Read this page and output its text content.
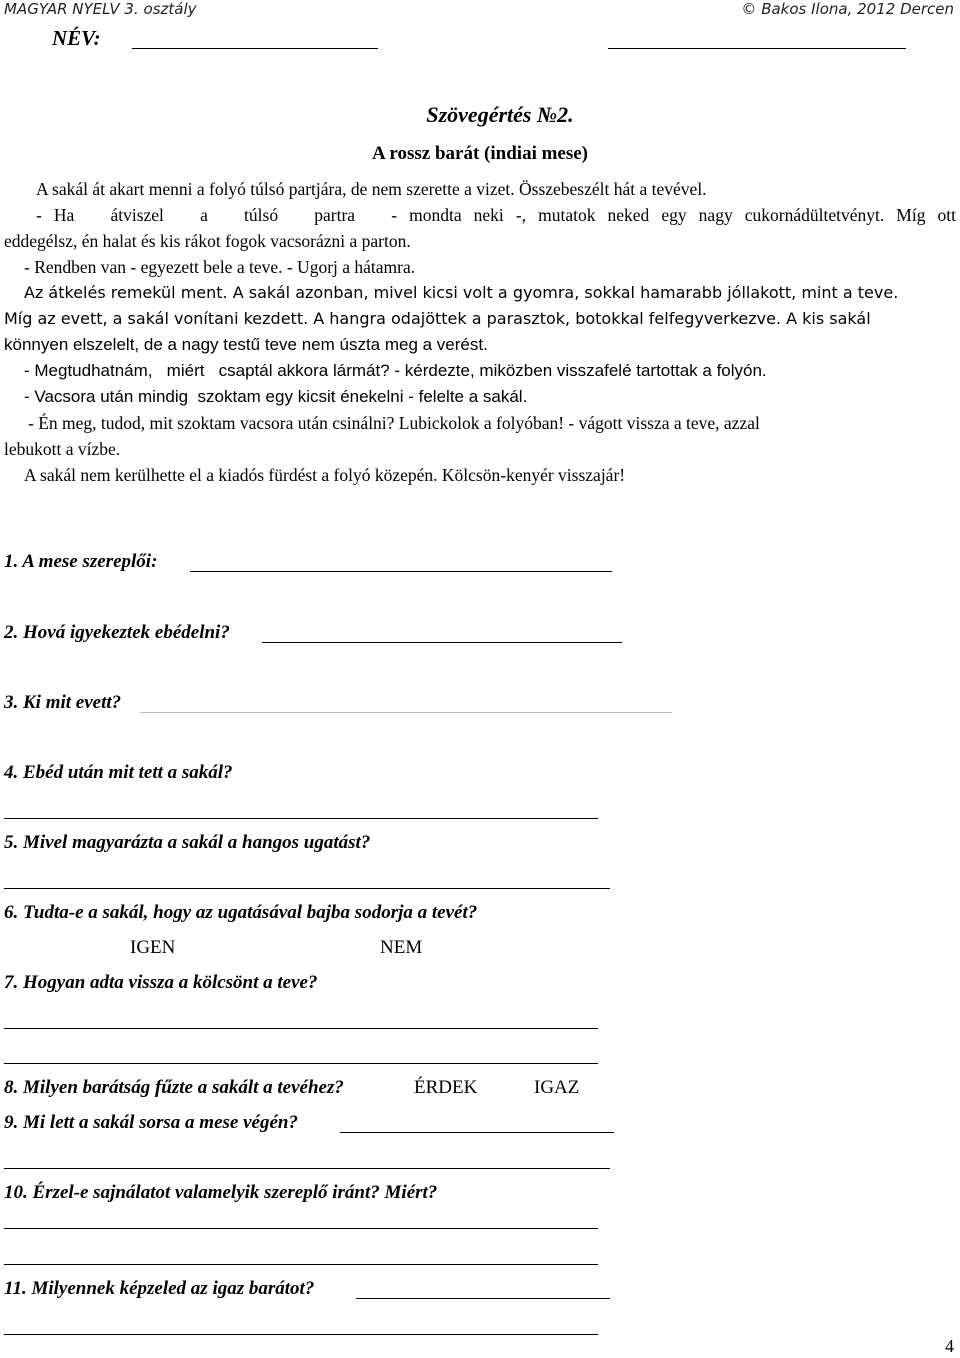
MAGYAR NYELV 3. osztály	© Bakos Ilona, 2012 Dercen
NÉV:
Szövegértés №2.
A rossz barát (indiai mese)

A sakál át akart menni a folyó túlsó partjára, de nem szerette a vizet. Összebeszélt hát a tevével.

- Ha   átviszel   a   túlsó   partra   - mondta neki -, mutatok neked egy nagy cukornádültetvényt. Míg ott

eddegélsz, én halat és kis rákot fogok vacsorázni a parton.

- Rendben van - egyezett bele a teve. - Ugorj a hátamra.

Az átkelés remekül ment. A sakál azonban, mivel kicsi volt a gyomra, sokkal hamarabb jóllakott, mint a teve.

Míg az evett, a sakál vonítani kezdett. A hangra odajöttek a parasztok, botokkal felfegyverkezve. A kis sakál

könnyen elszelelt, de a nagy testű teve nem úszta meg a verést.

- Megtudhatnám,   miért   csaptál akkora lármát? - kérdezte, miközben visszafelé tartottak a folyón.

- Vacsora után mindig  szoktam egy kicsit énekelni - felelte a sakál.

- Én meg, tudod, mit szoktam vacsora után csinálni? Lubickolok a folyóban! - vágott vissza a teve, azzal

lebukott a vízbe.

A sakál nem kerülhette el a kiadós fürdést a folyó közepén. Kölcsön-kenyér visszajár!

1. A mese szereplői:
2. Hová igyekeztek ebédelni?
3. Ki mit evett?
4. Ebéd után mit tett a sakál?
5. Mivel magyarázta a sakál a hangos ugatást?
6. Tudta-e a sakál, hogy az ugatásával bajba sodorja a tevét?
IGEN	NEM
7. Hogyan adta vissza a kölcsönt a teve?
8. Milyen barátság fűzte a sakált a tevéhez?	ÉRDEK	IGAZ
9. Mi lett a sakál sorsa a mese végén?
10. Érzel-e sajnálatot valamelyik szereplő iránt? Miért?
11. Milyennek képzeled az igaz barátot?
4
